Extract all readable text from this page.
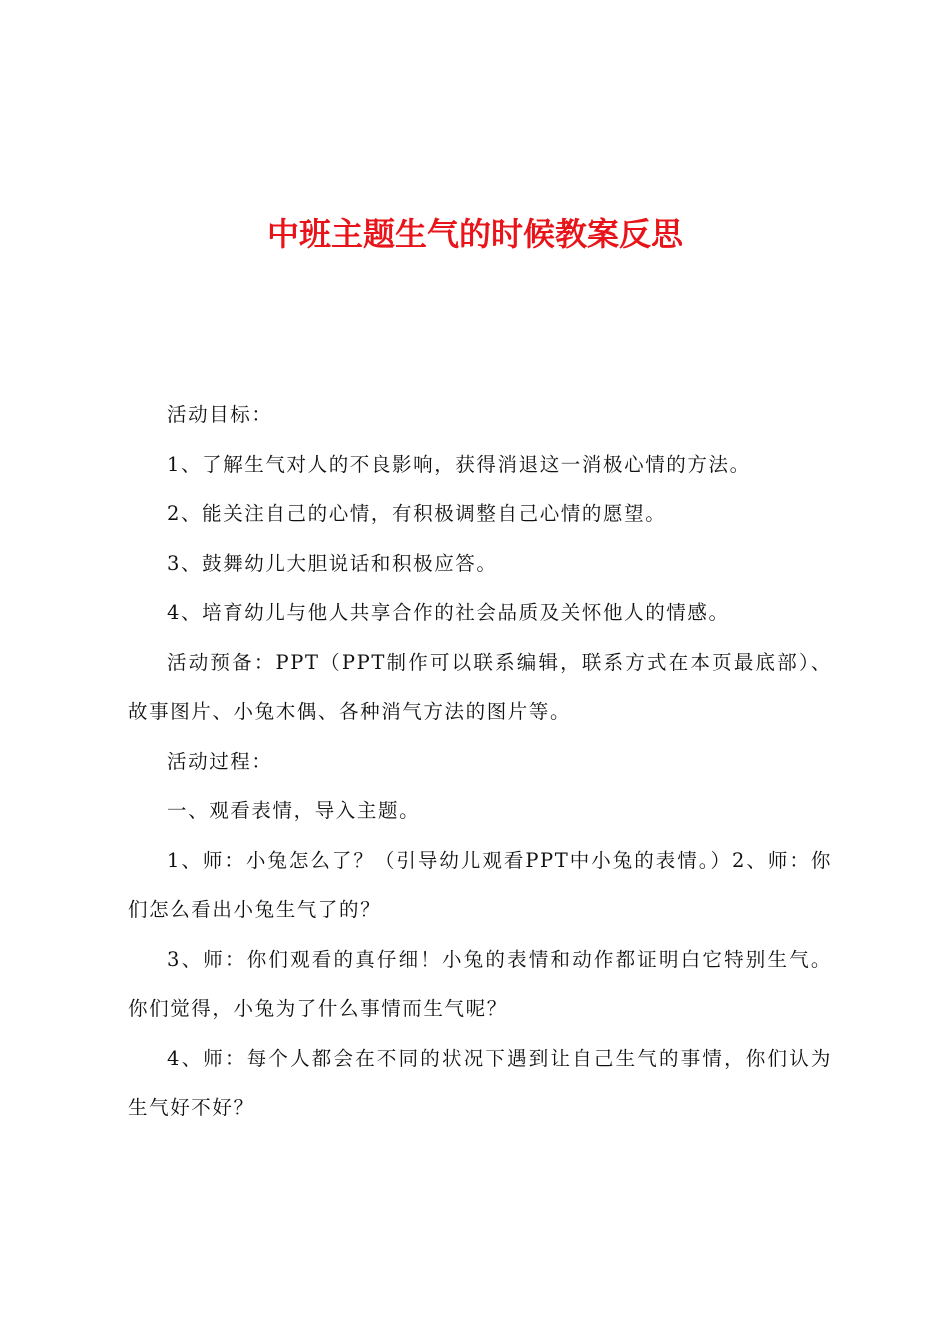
中班主题生气的时候教案反思

活动目标：

1、了解生气对人的不良影响，获得消退这一消极心情的方法。

2、能关注自己的心情，有积极调整自己心情的愿望。

3、鼓舞幼儿大胆说话和积极应答。

4、培育幼儿与他人共享合作的社会品质及关怀他人的情感。

活动预备：PPT（PPT制作可以联系编辑，联系方式在本页最底部）、故事图片、小兔木偶、各种消气方法的图片等。

活动过程：

一、观看表情，导入主题。

1、师：小兔怎么了？（引导幼儿观看PPT中小兔的表情。）2、师：你们怎么看出小兔生气了的？

3、师：你们观看的真仔细！小兔的表情和动作都证明白它特别生气。你们觉得，小兔为了什么事情而生气呢？

4、师：每个人都会在不同的状况下遇到让自己生气的事情，你们认为生气好不好？
